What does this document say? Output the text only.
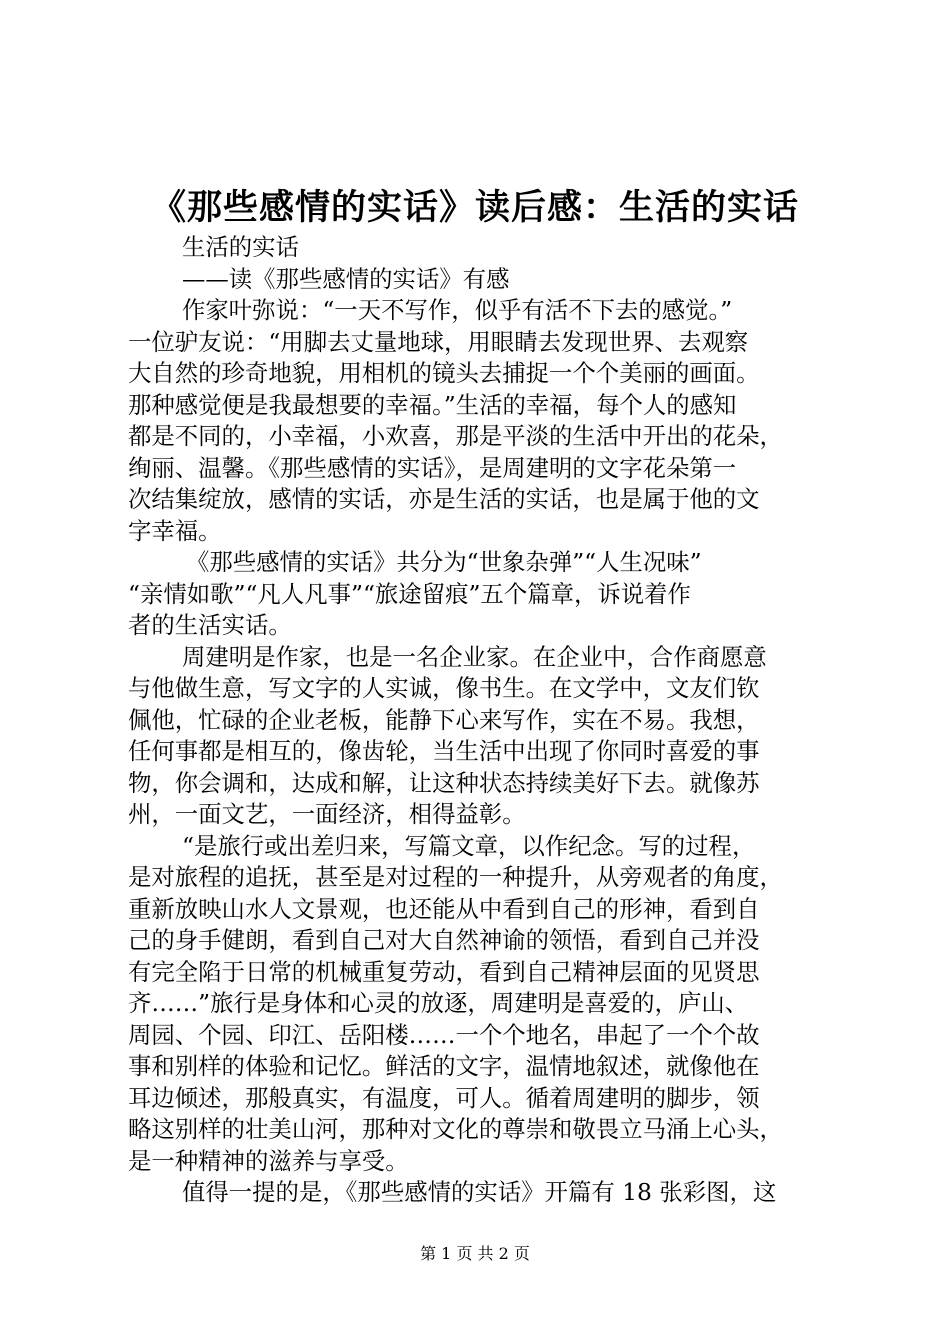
《那些感情的实话》读后感：生活的实话
生活的实话
——读《那些感情的实话》有感
作家叶弥说：“一天不写作，似乎有活不下去的感觉。”
一位驴友说：“用脚去丈量地球，用眼睛去发现世界、去观察
大自然的珍奇地貌，用相机的镜头去捕捉一个个美丽的画面。
那种感觉便是我最想要的幸福。”生活的幸福，每个人的感知
都是不同的，小幸福，小欢喜，那是平淡的生活中开出的花朵，
绚丽、温馨。《那些感情的实话》，是周建明的文字花朵第一
次结集绽放，感情的实话，亦是生活的实话，也是属于他的文
字幸福。
《那些感情的实话》共分为“世象杂弹”“人生况味”
“亲情如歌”“凡人凡事”“旅途留痕”五个篇章，诉说着作
者的生活实话。
周建明是作家，也是一名企业家。在企业中，合作商愿意
与他做生意，写文字的人实诚，像书生。在文学中，文友们钦
佩他，忙碌的企业老板，能静下心来写作，实在不易。我想，
任何事都是相互的，像齿轮，当生活中出现了你同时喜爱的事
物，你会调和，达成和解，让这种状态持续美好下去。就像苏
州，一面文艺，一面经济，相得益彰。
“是旅行或出差归来，写篇文章，以作纪念。写的过程，
是对旅程的追抚，甚至是对过程的一种提升，从旁观者的角度，
重新放映山水人文景观，也还能从中看到自己的形神，看到自
己的身手健朗，看到自己对大自然神谕的领悟，看到自己并没
有完全陷于日常的机械重复劳动，看到自己精神层面的见贤思
齐……”旅行是身体和心灵的放逐，周建明是喜爱的，庐山、
周园、个园、印江、岳阳楼……一个个地名，串起了一个个故
事和别样的体验和记忆。鲜活的文字，温情地叙述，就像他在
耳边倾述，那般真实，有温度，可人。循着周建明的脚步，领
略这别样的壮美山河，那种对文化的尊崇和敬畏立马涌上心头，
是一种精神的滋养与享受。
值得一提的是，《那些感情的实话》开篇有 18 张彩图，这
第 1 页 共 2 页
